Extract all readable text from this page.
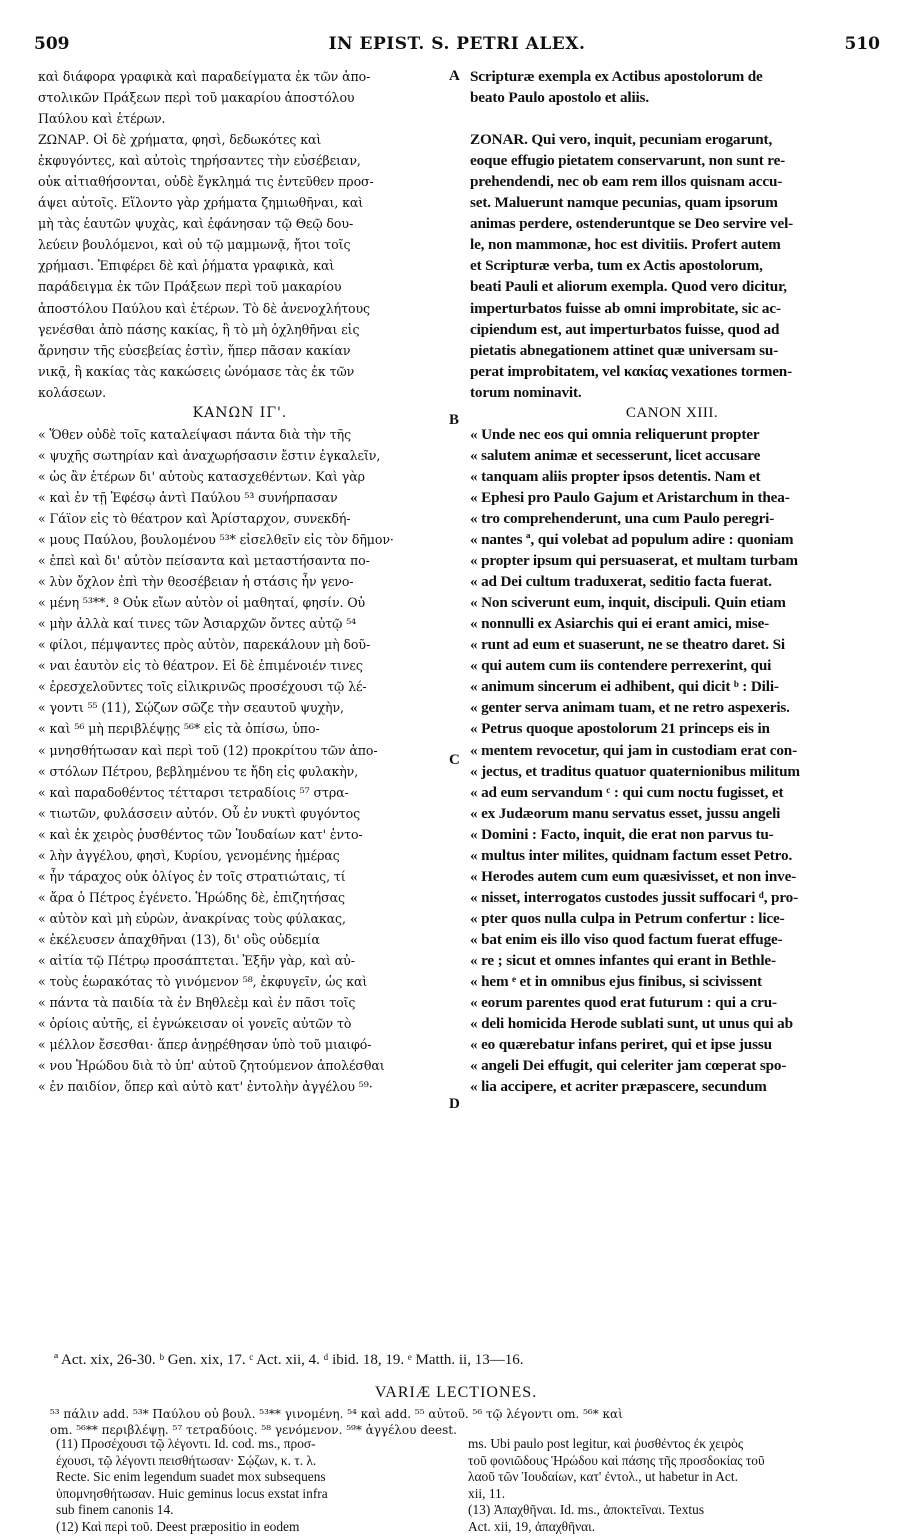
509	IN EPIST. S. PETRI ALEX.	510
καὶ διάφορα γραφικὰ καὶ παραδείγματα ἐκ τῶν ἀπο-
στολικῶν Πράξεων περὶ τοῦ μακαρίου ἀποστόλου
Παύλου καὶ ἑτέρων.
ΖΩΝΑΡ. Οἱ δὲ χρήματα, φησὶ, δεδωκότες καὶ
ἐκφυγόντες, καὶ αὐτοὶς τηρήσαντες τὴν εὐσέβειαν,
οὐκ αἰτιαθήσονται, οὐδὲ ἔγκλημά τις ἐντεῦθεν προσ-
άψει αὐτοῖς. Εἵλοντο γὰρ χρήματα ζημιωθῆναι, καὶ
μὴ τὰς ἑαυτῶν ψυχὰς, καὶ ἐφάνησαν τῷ Θεῷ δου-
λεύειν βουλόμενοι, καὶ οὐ τῷ μαμμωνᾷ, ἤτοι τοῖς
χρήμασι. Ἐπιφέρει δὲ καὶ ῥήματα γραφικὰ, καὶ
παράδειγμα ἐκ τῶν Πράξεων περὶ τοῦ μακαρίου
ἀποστόλου Παύλου καὶ ἑτέρων. Τὸ δὲ ἀνενοχλήτους
γενέσθαι ἀπὸ πάσης κακίας, ἢ τὸ μὴ ὀχληθῆναι εἰς
ἄρνησιν τῆς εὐσεβείας ἐστὶν, ἥπερ πᾶσαν κακίαν
νικᾷ, ἢ κακίας τὰς κακώσεις ὠνόμασε τὰς ἐκ τῶν
κολάσεων.
ΚΑΝΩΝ ΙΓ'.
« Ὅθεν οὐδὲ τοῖς καταλείψασι πάντα διὰ τὴν τῆς
« ψυχῆς σωτηρίαν καὶ ἀναχωρήσασιν ἔστιν ἐγκαλεῖν,
« ὡς ἂν ἑτέρων δι' αὐτοὺς κατασχεθέντων. Καὶ γὰρ
« καὶ ἐν τῇ Ἐφέσῳ ἀντὶ Παύλου ⁵³ συνήρπασαν
« Γάϊον εἰς τὸ θέατρον καὶ Ἀρίσταρχον, συνεκδή-
« μους Παύλου, βουλομένου ⁵³* εἰσελθεῖν εἰς τὸν δῆμον·
« ἐπεὶ καὶ δι' αὐτὸν πείσαντα καὶ μεταστήσαντα πο-
« λὺν ὄχλον ἐπὶ τὴν θεοσέβειαν ἡ στάσις ἦν γενο-
« μένη ⁵³**. ª Οὐκ εἴων αὐτὸν οἱ μαθηταί, φησίν. Οὐ
« μὴν ἀλλὰ καί τινες τῶν Ἀσιαρχῶν ὄντες αὐτῷ ⁵⁴
« φίλοι, πέμψαντες πρὸς αὐτὸν, παρεκάλουν μὴ δοῦ-
« ναι ἑαυτὸν εἰς τὸ θέατρον. Εἰ δὲ ἐπιμένοιέν τινες
« ἐρεσχελοῦντες τοῖς εἰλικρινῶς προσέχουσι τῷ λέ-
« γοντι ⁵⁵ (11), Σῴζων σῶζε τὴν σεαυτοῦ ψυχὴν,
« καὶ ⁵⁶ μὴ περιβλέψῃς ⁵⁶* εἰς τὰ ὀπίσω, ὑπο-
« μνησθήτωσαν καὶ περὶ τοῦ (12) προκρίτου τῶν ἀπο-
« στόλων Πέτρου, βεβλημένου τε ἤδη εἰς φυλακὴν,
« καὶ παραδοθέντος τέτταρσι τετραδίοις ⁵⁷ στρα-
« τιωτῶν, φυλάσσειν αὐτόν. Οὗ ἐν νυκτὶ φυγόντος
« καὶ ἐκ χειρὸς ῥυσθέντος τῶν Ἰουδαίων κατ' ἐντο-
« λὴν ἀγγέλου, φησὶ, Κυρίου, γενομένης ἡμέρας
« ἦν τάραχος οὐκ ὀλίγος ἐν τοῖς στρατιώταις, τί
« ἄρα ὁ Πέτρος ἐγένετο. Ἡρώδης δὲ, ἐπιζητήσας
« αὐτὸν καὶ μὴ εὑρὼν, ἀνακρίνας τοὺς φύλακας,
« ἐκέλευσεν ἀπαχθῆναι (13), δι' οὓς οὐδεμία
« αἰτία τῷ Πέτρῳ προσάπτεται. Ἐξῆν γὰρ, καὶ αὐ-
« τοὺς ἑωρακότας τὸ γινόμενον ⁵⁸, ἐκφυγεῖν, ὡς καὶ
« πάντα τὰ παιδία τὰ ἐν Βηθλεὲμ καὶ ἐν πᾶσι τοῖς
« ὁρίοις αὐτῆς, εἰ ἐγνώκεισαν οἱ γονεῖς αὐτῶν τὸ
« μέλλον ἔσεσθαι· ἅπερ ἀνῃρέθησαν ὑπὸ τοῦ μιαιφό-
« νου Ἡρώδου διὰ τὸ ὑπ' αὐτοῦ ζητούμενον ἀπολέσθαι
« ἐν παιδίον, ὅπερ καὶ αὐτὸ κατ' ἐντολὴν ἀγγέλου ⁵⁹·
Scripturæ exempla ex Actibus apostolorum de
beato Paulo apostolo et aliis.
ZONAR. Qui vero, inquit, pecuniam erogarunt,
eoque effugio pietatem conservarunt, non sunt re-
prehendendi, nec ob eam rem illos quisnam accu-
set. Maluerunt namque pecunias, quam ipsorum
animas perdere, ostenderuntque se Deo servire vel-
le, non mammonæ, hoc est divitiis. Profert autem
et Scripturæ verba, tum ex Actis apostolorum,
beati Pauli et aliorum exempla. Quod vero dicitur,
imperturbatos fuisse ab omni improbitate, sic ac-
cipiendum est, aut imperturbatos fuisse, quod ad
pietatis abnegationem attinet quæ universam su-
perat improbitatem, vel κακίας vexationes tormen-
torum nominavit.
CANON XIII.
« Unde nec eos qui omnia reliquerunt propter
« salutem animæ et secesserunt, licet accusare
« tanquam aliis propter ipsos detentis. Nam et
« Ephesi pro Paulo Gajum et Aristarchum in thea-
« tro comprehenderunt, una cum Paulo peregri-
« nantes ª, qui volebat ad populum adire : quoniam
« propter ipsum qui persuaserat, et multam turbam
« ad Dei cultum traduxerat, seditio facta fuerat.
« Non sciverunt eum, inquit, discipuli. Quin etiam
« nonnulli ex Asiarchis qui ei erant amici, mise-
« runt ad eum et suaserunt, ne se theatro daret. Si
« qui autem cum iis contendere perrexerint, qui
« animum sincerum ei adhibent, qui dicit ᵇ : Dili-
« genter serva animam tuam, et ne retro aspexeris.
« Petrus quoque apostolorum 21 princeps eis in
« mentem revocetur, qui jam in custodiam erat con-
« jectus, et traditus quatuor quaternionibus militum
« ad eum servandum ᶜ : qui cum noctu fugisset, et
« ex Judæorum manu servatus esset, jussu angeli
« Domini : Facto, inquit, die erat non parvus tu-
« multus inter milites, quidnam factum esset Petro.
« Herodes autem cum eum quæsivisset, et non inve-
« nisset, interrogatos custodes jussit suffocari ᵈ, pro-
« pter quos nulla culpa in Petrum confertur : lice-
« bat enim eis illo viso quod factum fuerat effuge-
« re ; sicut et omnes infantes qui erant in Bethle-
« hem ᵉ et in omnibus ejus finibus, si scivissent
« eorum parentes quod erat futurum : qui a cru-
« deli homicida Herode sublati sunt, ut unus qui ab
« eo quærebatur infans periret, qui et ipse jussu
« angeli Dei effugit, qui celeriter jam cœperat spo-
« lia accipere, et acriter præpascere, secundum
A
B
C
D
ª Act. xix, 26-30. ᵇ Gen. xix, 17. ᶜ Act. xii, 4. ᵈ ibid. 18, 19. ᵉ Matth. ii, 13—16.
VARIÆ LECTIONES.
⁵³ πάλιν add. ⁵³* Παύλου οὐ βουλ. ⁵³** γινομένη. ⁵⁴ καὶ add. ⁵⁵ αὐτοῦ. ⁵⁶ τῷ λέγοντι om. ⁵⁶* καὶ
om. ⁵⁶** περιβλέψῃ. ⁵⁷ τετραδύοις. ⁵⁸ γενόμενον. ⁵⁹* ἀγγέλου deest.
(11) Προσέχουσι τῷ λέγοντι. Id. cod. ms., προσ-
έχουσι, τῷ λέγοντι πεισθήτωσαν· Σῴζων, κ. τ. λ.
Recte. Sic enim legendum suadet mox subsequens
ὑπομνησθήτωσαν. Huic geminus locus exstat infra
sub finem canonis 14.
(12) Καὶ περὶ τοῦ. Deest præpositio in eodem
ms. Ubi paulo post legitur, καὶ ῥυσθέντος ἐκ χειρὸς
τοῦ φονιῶδους Ἡρώδου καὶ πάσης τῆς προσδοκίας τοῦ
λαοῦ τῶν Ἰουδαίων, κατ' ἐντολ., ut habetur in Act.
xii, 11.
(13) Ἀπαχθῆναι. Id. ms., ἀποκτεῖναι. Textus
Act. xii, 19, ἀπαχθῆναι.
